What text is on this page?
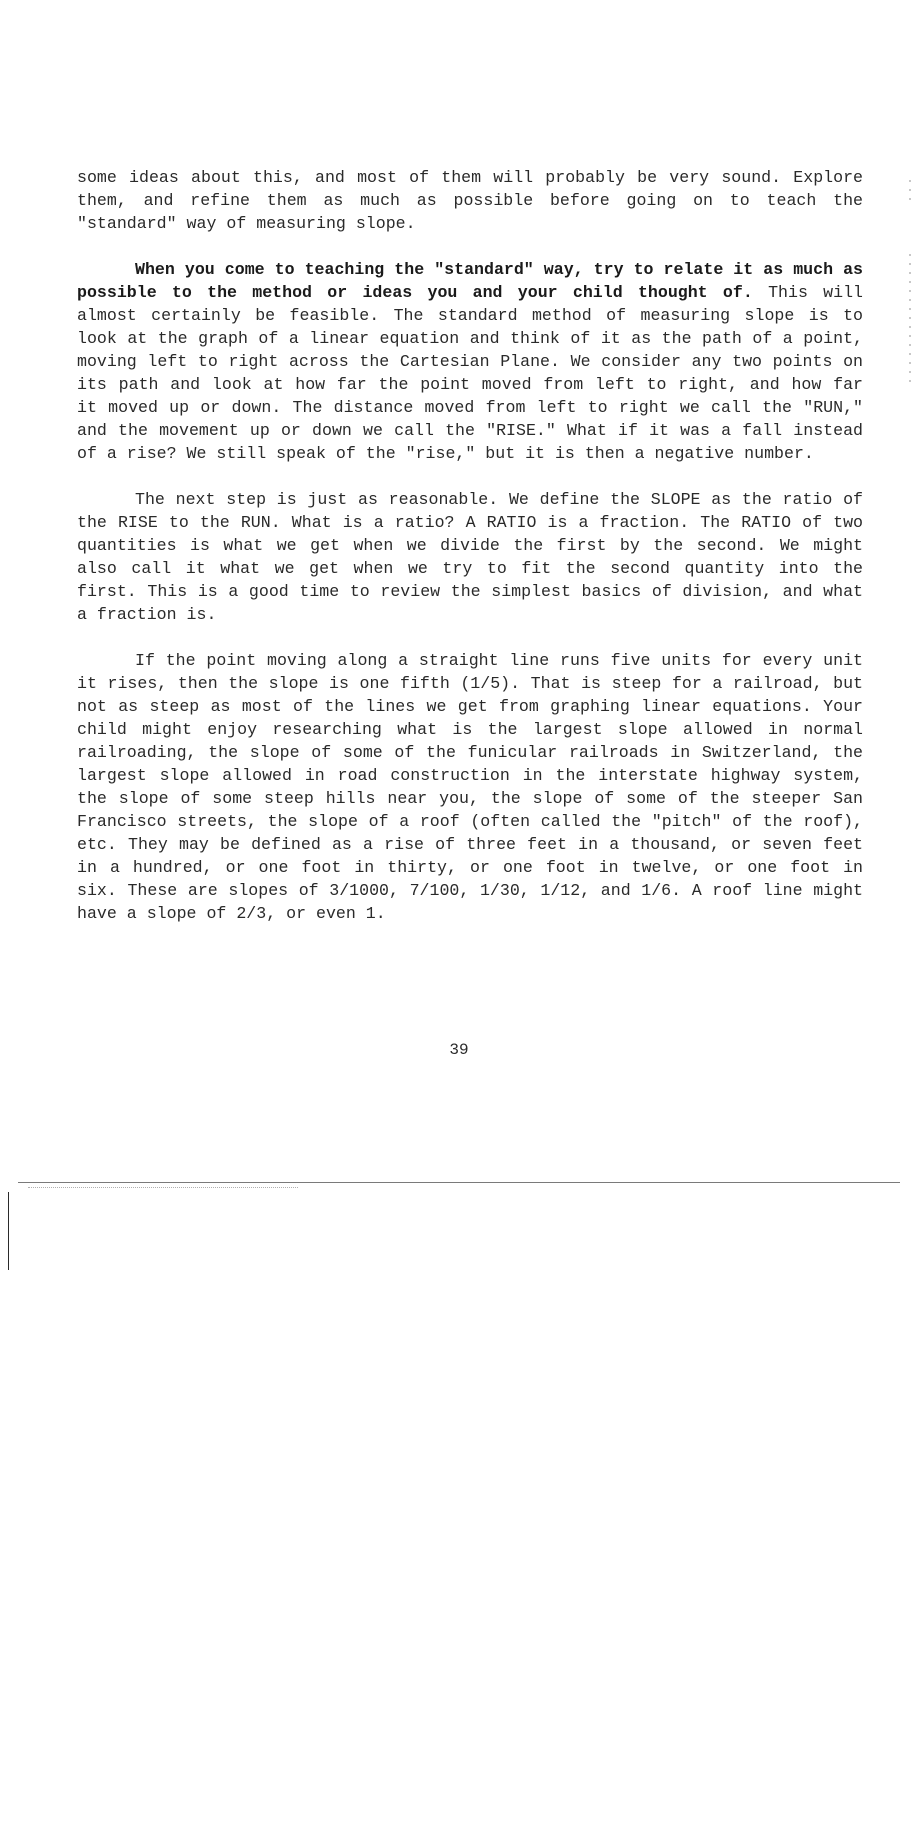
some ideas about this, and most of them will probably be very sound. Explore them, and refine them as much as possible before going on to teach the "standard" way of measuring slope.

When you come to teaching the "standard" way, try to relate it as much as possible to the method or ideas you and your child thought of. This will almost certainly be feasible. The standard method of measuring slope is to look at the graph of a linear equation and think of it as the path of a point, moving left to right across the Cartesian Plane. We consider any two points on its path and look at how far the point moved from left to right, and how far it moved up or down. The distance moved from left to right we call the "RUN," and the movement up or down we call the "RISE." What if it was a fall instead of a rise? We still speak of the "rise," but it is then a negative number.

The next step is just as reasonable. We define the SLOPE as the ratio of the RISE to the RUN. What is a ratio? A RATIO is a fraction. The RATIO of two quantities is what we get when we divide the first by the second. We might also call it what we get when we try to fit the second quantity into the first. This is a good time to review the simplest basics of division, and what a fraction is.

If the point moving along a straight line runs five units for every unit it rises, then the slope is one fifth (1/5). That is steep for a railroad, but not as steep as most of the lines we get from graphing linear equations. Your child might enjoy researching what is the largest slope allowed in normal railroading, the slope of some of the funicular railroads in Switzerland, the largest slope allowed in road construction in the interstate highway system, the slope of some steep hills near you, the slope of some of the steeper San Francisco streets, the slope of a roof (often called the "pitch" of the roof), etc. They may be defined as a rise of three feet in a thousand, or seven feet in a hundred, or one foot in thirty, or one foot in twelve, or one foot in six. These are slopes of 3/1000, 7/100, 1/30, 1/12, and 1/6. A roof line might have a slope of 2/3, or even 1.

39
